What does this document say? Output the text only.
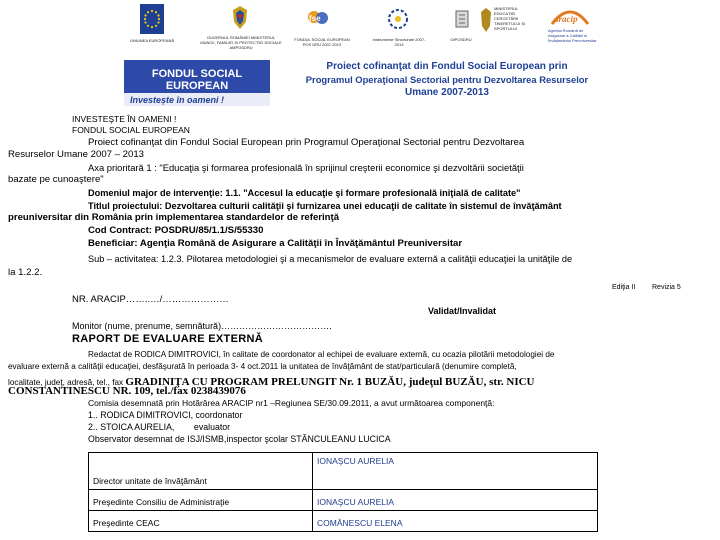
UNIUNEA EUROPEANĂ
GUVERNUL ROMÂNIEI MINISTERUL MUNCII, FAMILIEI ȘI PROTECȚIEI SOCIALE AMPOSDRU
fse
FONDUL SOCIAL EUROPEAN POS DRU 2007-2013
Instrumente Structurale 2007-2013
OIPOSDRU
MINISTERUL EDUCAȚIEI CERCETĂRII TINERETULUI ȘI SPORTULUI
aracip
Agenția Română de Asigurare a Calității în Învățământul Preuniversitar
FONDUL SOCIAL EUROPEAN
Investește în oameni !
Proiect cofinanţat din Fondul Social European prin
Programul Operaţional Sectorial pentru Dezvoltarea Resurselor
Umane 2007-2013
INVESTEŞTE ÎN OAMENI !
FONDUL SOCIAL EUROPEAN
Proiect cofinanţat din Fondul Social European prin Programul Operaţional Sectorial pentru Dezvoltarea
Resurselor Umane 2007 – 2013
Axa prioritară 1 : "Educaţia şi formarea profesională în sprijinul creşterii economice şi dezvoltării societăţii
bazate pe cunoaştere"
Domeniul major de intervenţie: 1.1. "Accesul la educaţie şi formare profesională iniţială de calitate"
Titlul proiectului: Dezvoltarea culturii calităţii şi furnizarea unei educaţii de calitate în sistemul de învăţământ
preuniversitar din România prin implementarea standardelor de referinţă
Cod Contract: POSDRU/85/1.1/S/55330
Beneficiar: Agenţia Română de Asigurare a Calităţii în Învăţământul Preuniversitar
Sub – activitatea: 1.2.3. Pilotarea metodologiei şi a mecanismelor de evaluare externă a calităţii educaţiei la unităţile de
la 1.2.2.
Ediţia II Revizia 5
NR. ARACIP……..…/…………………
Validat/Invalidat
Monitor (nume, prenume, semnătură)……………………………….
RAPORT DE EVALUARE EXTERNĂ
Redactat de RODICA DIMITROVICI, în calitate de coordonator al echipei de evaluare externă, cu ocazia pilotării metodologiei de
evaluare externă a calităţii educaţiei, desfăşurată în perioada 3- 4 oct.2011 la unitatea de învăţământ de stat/particulară (denumire completă,
localitate, judeţ, adresă, tel., fax GRADINIŢA CU PROGRAM PRELUNGIT Nr. 1 BUZĂU, judeţul BUZĂU, str. NICU
CONSTANTINESCU NR. 109, tel./fax 0238439076
Comisia desemnată prin Hotărârea ARACIP nr1 –Regiunea SE/30.09.2011, a avut următoarea componenţă:
1.. RODICA DIMITROVICI, coordonator
2.. STOICA AURELIA,        evaluator
Observator desemnat de ISJ/ISMB,inspector şcolar STĂNCULEANU LUCICA
Director unitate de învăţământ	IONAŞCU AURELIA
Preşedinte Consiliu de Administraţie	IONAŞCU AURELIA
Preşedinte CEAC	COMĂNESCU ELENA
